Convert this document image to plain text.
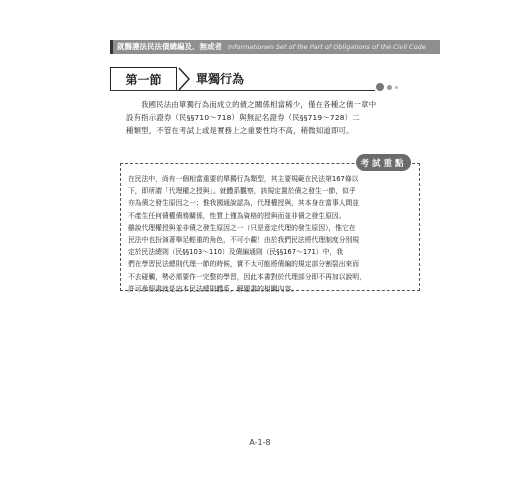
就醫護法民法債總編及、無或者 Informationen Set of the Part of Obligations of the Civil Code
第一節	單獨行為
我國民法由單獨行為而成立的債之關係相當稀少，僅在各種之債一章中
設有指示證券（民§§710～718）與無記名證券（民§§719～728）二
種類型，不管在考試上或是實務上之重要性均不高，稍微知道即可。
考試重點
在民法中，尚有一個相當重要的單獨行為類型，其主要規範在民法第167條以
下，即所謂「代理權之授與」。就體系觀察，該規定置於債之發生一節，似乎
亦為債之發生原因之一；惟我國通說認為，代理權授與，其本身在當事人間並
不產生任何債權債務關係，性質上僅為資格的授與而並非債之發生原因。
雖說代理權授與並非債之發生原因之一（只是意定代理的發生原因），惟它在
民法中也扮演著舉足輕重的角色，不可小覷！由於我們民法將代理制度分別規
定於民法總則（民§§103～110）及債編通則（民§§167～171）中，我
們在學習民法總則代理一節的時候，實不太可能將債編的規定部分割裂出來而
不去碰觸，勢必需要作一完整的學習，因此本書對於代理部分即不再加以說明，
許可參照書就是這本民法總則體系，解題書的相關內容。
A-1-8
